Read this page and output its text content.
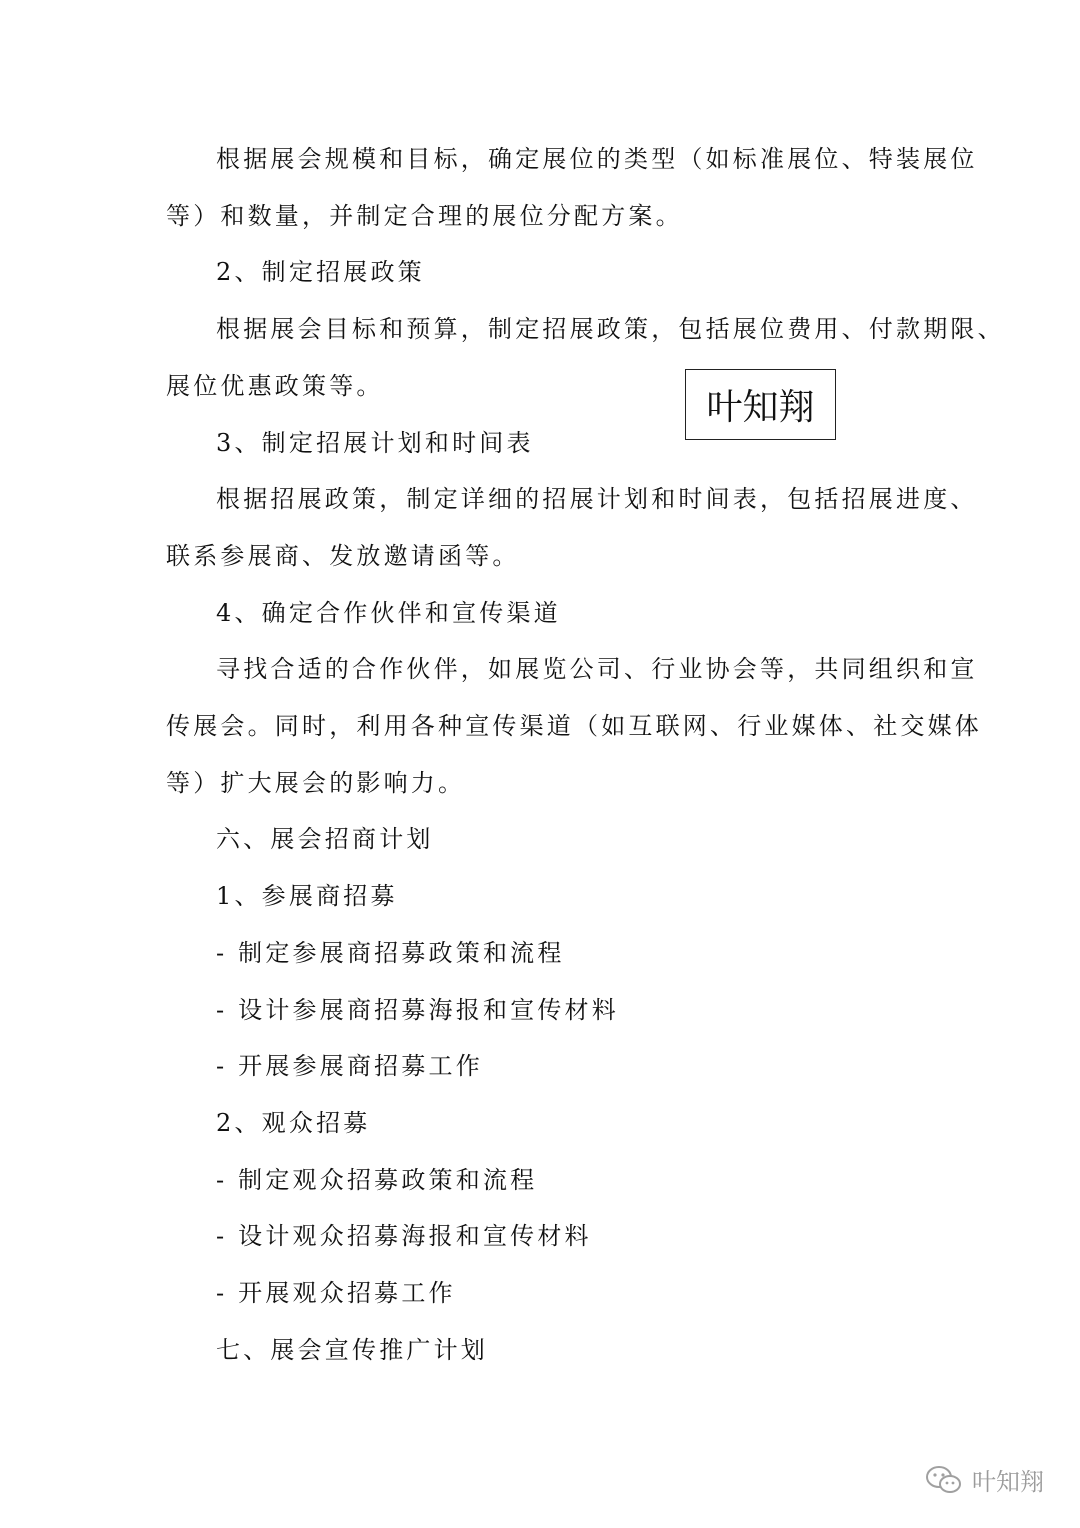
根据展会规模和目标，确定展位的类型（如标准展位、特装展位
等）和数量，并制定合理的展位分配方案。
2、制定招展政策
根据展会目标和预算，制定招展政策，包括展位费用、付款期限、
展位优惠政策等。
3、制定招展计划和时间表
根据招展政策，制定详细的招展计划和时间表，包括招展进度、
联系参展商、发放邀请函等。
4、确定合作伙伴和宣传渠道
寻找合适的合作伙伴，如展览公司、行业协会等，共同组织和宣
传展会。同时，利用各种宣传渠道（如互联网、行业媒体、社交媒体
等）扩大展会的影响力。
六、展会招商计划
1、参展商招募
- 制定参展商招募政策和流程
- 设计参展商招募海报和宣传材料
- 开展参展商招募工作
2、观众招募
- 制定观众招募政策和流程
- 设计观众招募海报和宣传材料
- 开展观众招募工作
七、展会宣传推广计划
叶知翔
叶知翔
